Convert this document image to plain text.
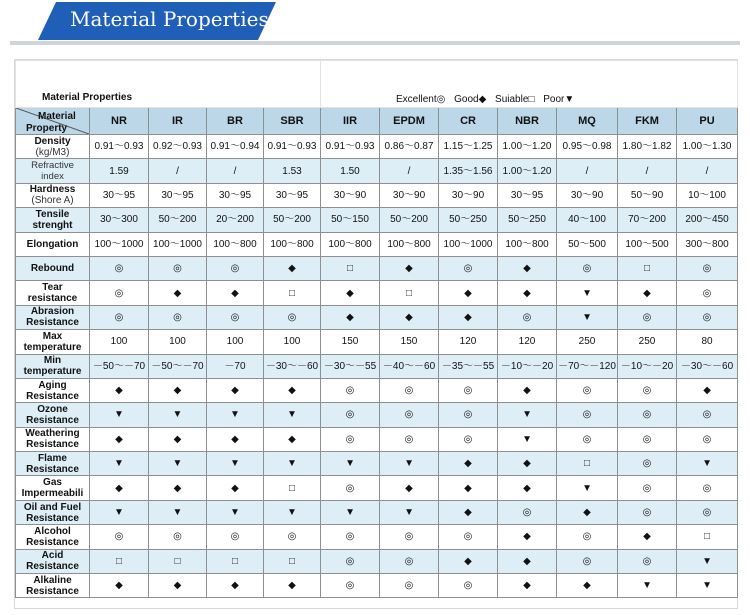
Material Properties
Material Properties					Excellent◎ Good◆ Suiable□ Poor▼						

Material
Property	NR	IR	BR	SBR	IIR	EPDM	CR	NBR	MQ	FKM	PU

Density
(kg/M3)	0.91～0.93	0.92～0.93	0.91～0.94	0.91～0.93	0.91～0.93	0.86～0.87	1.15～1.25	1.00～1.20	0.95～0.98	1.80～1.82	1.00～1.30

Refractive
index	1.59	/	/	1.53	1.50	/	1.35～1.56	1.00～1.20	/	/	/

Hardness
(Shore A)	30～95	30～95	30～95	30～95	30～90	30～90	30～90	30～95	30～90	50～90	10～100

Tensile
strenght	30～300	50～200	20～200	50～200	50～150	50～200	50～250	50～250	40～100	70～200	200～450

Elongation	100～1000	100～1000	100～800	100～800	100～800	100～800	100～1000	100～800	50～500	100～500	300～800

Rebound	◎	◎	◎	◆	□	◆	◎	◆	◎	□	◎

Tear
resistance	◎	◆	◆	□	◆	□	◆	◆	▼	◆	◎

Abrasion
Resistance	◎	◎	◎	◎	◆	◆	◆	◎	▼	◎	◎

Max
temperature	100	100	100	100	150	150	120	120	250	250	80

Min
temperature	－50～－70	－50～－70	－70	－30～－60	－30～－55	－40～－60	－35～－55	－10～－20	－70～－120	－10～－20	－30～－60

Aging
Resistance	◆	◆	◆	◆	◎	◎	◎	◆	◎	◎	◆

Ozone
Resistance	▼	▼	▼	▼	◎	◎	◎	▼	◎	◎	◎

Weathering
Resistance	◆	◆	◆	◆	◎	◎	◎	▼	◎	◎	◎

Flame
Resistance	▼	▼	▼	▼	▼	▼	◆	◆	□	◎	▼

Gas
Impermeabili	◆	◆	◆	□	◎	◆	◆	◆	▼	◎	◎

Oil and Fuel
Resistance	▼	▼	▼	▼	▼	▼	◆	◎	◆	◎	◎

Alcohol
Resistance	◎	◎	◎	◎	◎	◎	◎	◆	◎	◆	□

Acid
Resistance	□	□	□	□	◎	◎	◆	◆	◎	◎	▼

Alkaline
Resistance	◆	◆	◆	◆	◎	◎	◎	◆	◆	▼	▼
